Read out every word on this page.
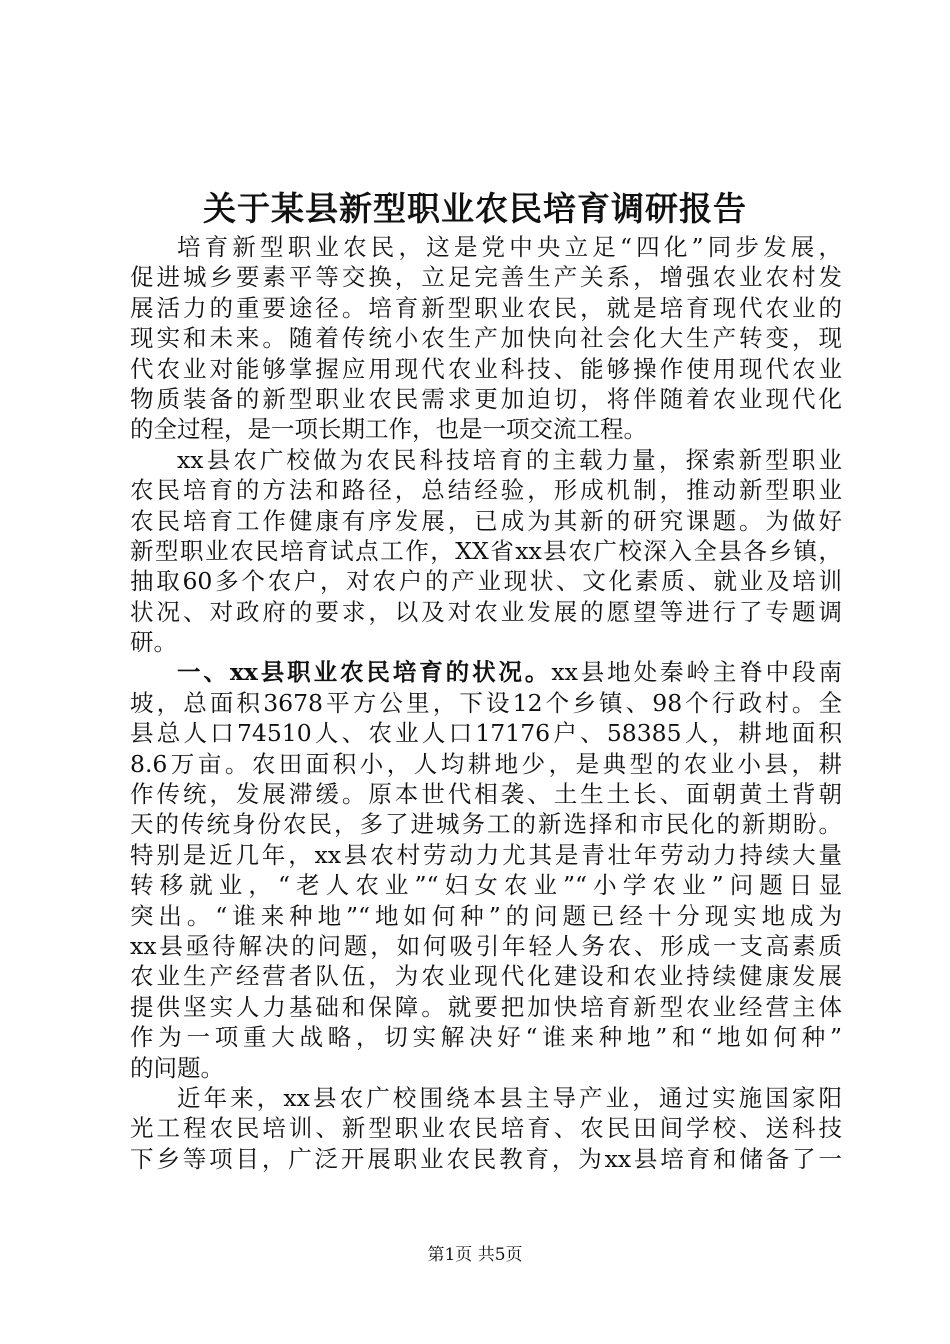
关于某县新型职业农民培育调研报告

培育新型职业农民，这是党中央立足“四化”同步发展，
促进城乡要素平等交换，立足完善生产关系，增强农业农村发
展活力的重要途径。培育新型职业农民，就是培育现代农业的
现实和未来。随着传统小农生产加快向社会化大生产转变，现
代农业对能够掌握应用现代农业科技、能够操作使用现代农业
物质装备的新型职业农民需求更加迫切，将伴随着农业现代化
的全过程，是一项长期工作，也是一项交流工程。

xx县农广校做为农民科技培育的主载力量，探索新型职业
农民培育的方法和路径，总结经验，形成机制，推动新型职业
农民培育工作健康有序发展，已成为其新的研究课题。为做好
新型职业农民培育试点工作，XX省xx县农广校深入全县各乡镇，
抽取60多个农户，对农户的产业现状、文化素质、就业及培训
状况、对政府的要求，以及对农业发展的愿望等进行了专题调
研。

一、xx县职业农民培育的状况。xx县地处秦岭主脊中段南
坡，总面积3678平方公里，下设12个乡镇、98个行政村。全
县总人口74510人、农业人口17176户、58385人，耕地面积
8.6万亩。农田面积小，人均耕地少，是典型的农业小县，耕
作传统，发展滞缓。原本世代相袭、土生土长、面朝黄土背朝
天的传统身份农民，多了进城务工的新选择和市民化的新期盼。
特别是近几年，xx县农村劳动力尤其是青壮年劳动力持续大量
转移就业，“老人农业”“妇女农业”“小学农业”问题日显
突出。“谁来种地”“地如何种”的问题已经十分现实地成为
xx县亟待解决的问题，如何吸引年轻人务农、形成一支高素质
农业生产经营者队伍，为农业现代化建设和农业持续健康发展
提供坚实人力基础和保障。就要把加快培育新型农业经营主体
作为一项重大战略，切实解决好“谁来种地”和“地如何种”
的问题。

近年来，xx县农广校围绕本县主导产业，通过实施国家阳
光工程农民培训、新型职业农民培育、农民田间学校、送科技
下乡等项目，广泛开展职业农民教育，为xx县培育和储备了一

第1页 共5页
